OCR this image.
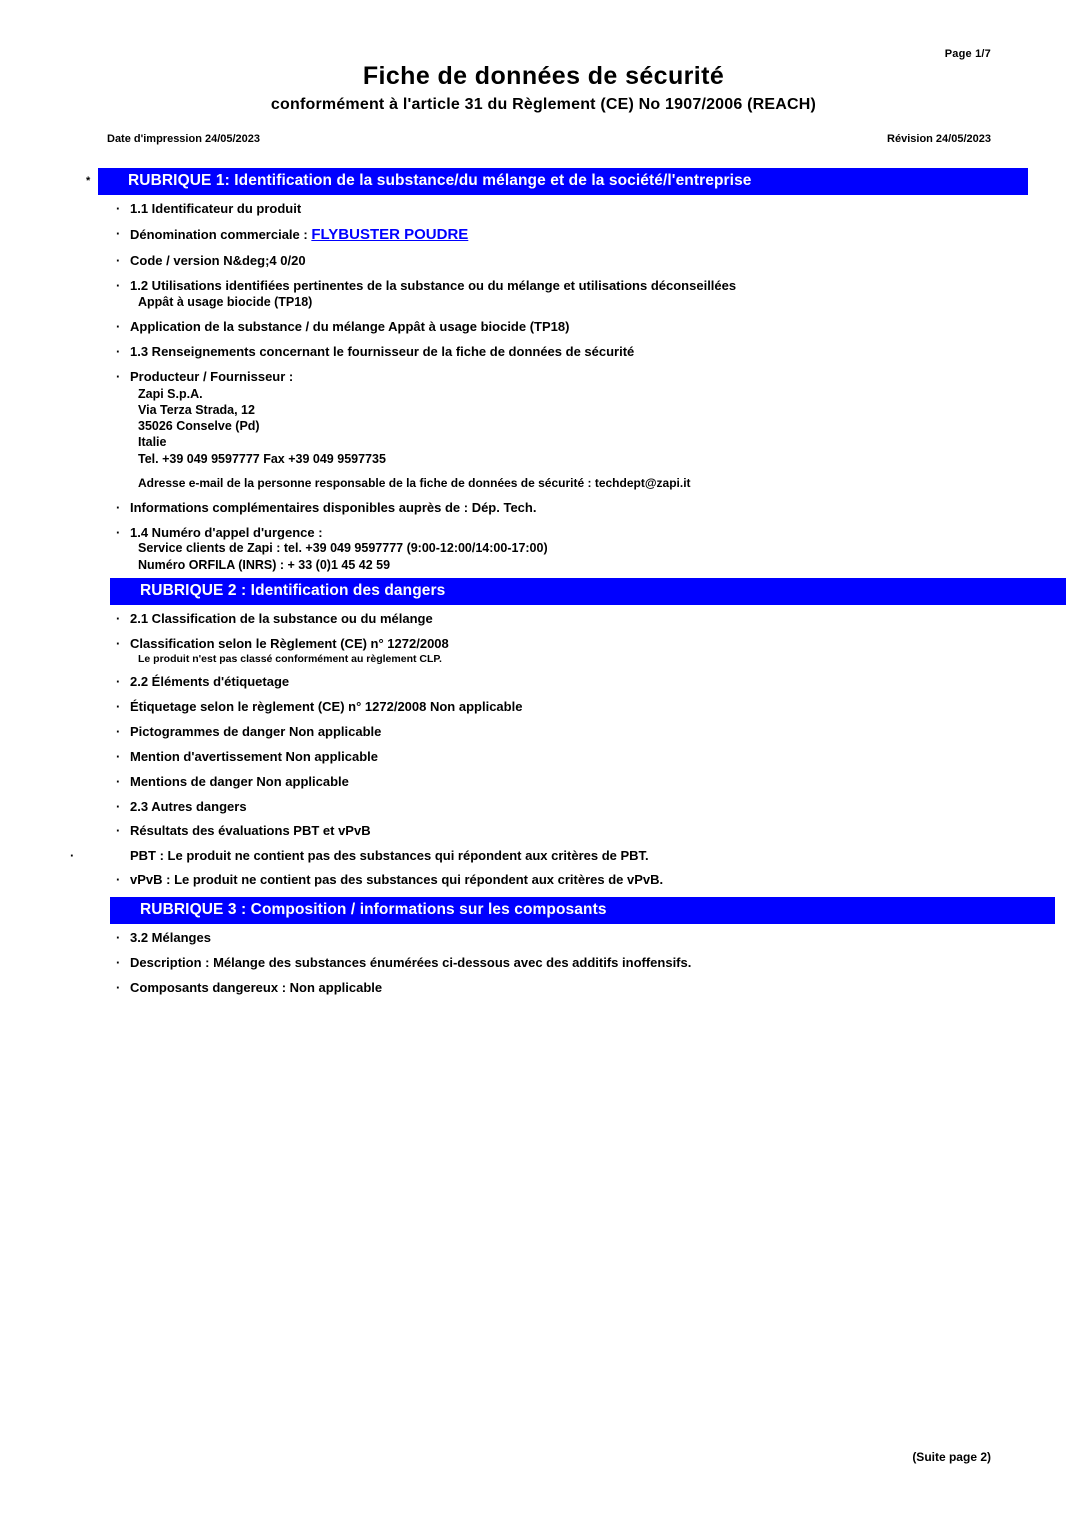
Page 1/7
Fiche de données de sécurité
conformément à l'article 31 du Règlement (CE) No 1907/2006 (REACH)
Date d'impression 24/05/2023	Révision 24/05/2023
*	RUBRIQUE 1: Identification de la substance/du mélange et de la société/l'entreprise
· 1.1 Identificateur du produit
· Dénomination commerciale : FLYBUSTER POUDRE
· Code / version N&deg;4 0/20
· 1.2 Utilisations identifiées pertinentes de la substance ou du mélange et utilisations déconseillées
Appât à usage biocide (TP18)
· Application de la substance / du mélange Appât à usage biocide (TP18)
· 1.3 Renseignements concernant le fournisseur de la fiche de données de sécurité
· Producteur / Fournisseur :
Zapi S.p.A.
Via Terza Strada, 12
35026 Conselve (Pd)
Italie
Tel. +39 049 9597777 Fax +39 049 9597735
Adresse e-mail de la personne responsable de la fiche de données de sécurité : techdept@zapi.it
· Informations complémentaires disponibles auprès de : Dép. Tech.
· 1.4 Numéro d'appel d'urgence :
Service clients de Zapi : tel. +39 049 9597777 (9:00-12:00/14:00-17:00)
Numéro ORFILA (INRS) : + 33 (0)1 45 42 59
RUBRIQUE 2 : Identification des dangers
· 2.1 Classification de la substance ou du mélange
· Classification selon le Règlement (CE) n° 1272/2008
Le produit n'est pas classé conformément au règlement CLP.
· 2.2 Éléments d'étiquetage
· Étiquetage selon le règlement (CE) n° 1272/2008 Non applicable
· Pictogrammes de danger Non applicable
· Mention d'avertissement Non applicable
· Mentions de danger Non applicable
· 2.3 Autres dangers
· Résultats des évaluations PBT et vPvB
·	PBT : Le produit ne contient pas des substances qui répondent aux critères de PBT.
· vPvB : Le produit ne contient pas des substances qui répondent aux critères de vPvB.
RUBRIQUE 3 : Composition / informations sur les composants
· 3.2 Mélanges
· Description : Mélange des substances énumérées ci-dessous avec des additifs inoffensifs.
· Composants dangereux : Non applicable
(Suite page 2)
